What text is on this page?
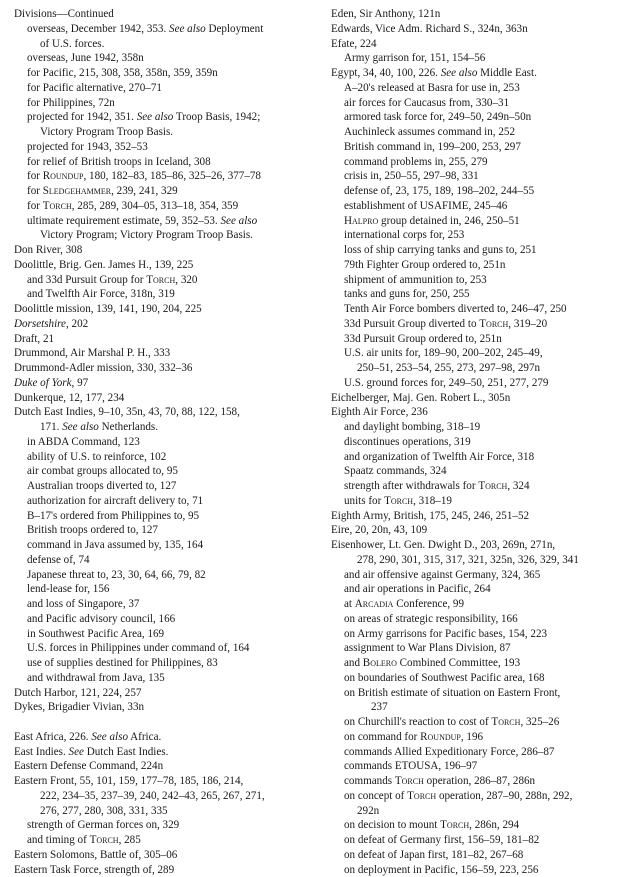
Divisions—Continued
overseas, December 1942, 353. See also Deployment
of U.S. forces.
overseas, June 1942, 358n
for Pacific, 215, 308, 358, 358n, 359, 359n
for Pacific alternative, 270–71
for Philippines, 72n
projected for 1942, 351. See also Troop Basis, 1942;
Victory Program Troop Basis.
projected for 1943, 352–53
for relief of British troops in Iceland, 308
for Roundup, 180, 182–83, 185–86, 325–26, 377–78
for Sledgehammer, 239, 241, 329
for Torch, 285, 289, 304–05, 313–18, 354, 359
ultimate requirement estimate, 59, 352–53. See also
Victory Program; Victory Program Troop Basis.
Don River, 308
Doolittle, Brig. Gen. James H., 139, 225
and 33d Pursuit Group for Torch, 320
and Twelfth Air Force, 318n, 319
Doolittle mission, 139, 141, 190, 204, 225
Dorsetshire, 202
Draft, 21
Drummond, Air Marshal P. H., 333
Drummond-Adler mission, 330, 332–36
Duke of York, 97
Dunkerque, 12, 177, 234
Dutch East Indies, 9–10, 35n, 43, 70, 88, 122, 158,
171. See also Netherlands.
in ABDA Command, 123
ability of U.S. to reinforce, 102
air combat groups allocated to, 95
Australian troops diverted to, 127
authorization for aircraft delivery to, 71
B–17's ordered from Philippines to, 95
British troops ordered to, 127
command in Java assumed by, 135, 164
defense of, 74
Japanese threat to, 23, 30, 64, 66, 79, 82
lend-lease for, 156
and loss of Singapore, 37
and Pacific advisory council, 166
in Southwest Pacific Area, 169
U.S. forces in Philippines under command of, 164
use of supplies destined for Philippines, 83
and withdrawal from Java, 135
Dutch Harbor, 121, 224, 257
Dykes, Brigadier Vivian, 33n
East Africa, 226. See also Africa.
East Indies. See Dutch East Indies.
Eastern Defense Command, 224n
Eastern Front, 55, 101, 159, 177–78, 185, 186, 214,
222, 234–35, 237–39, 240, 242–43, 265, 267, 271,
276, 277, 280, 308, 331, 335
strength of German forces on, 329
and timing of Torch, 285
Eastern Solomons, Battle of, 305–06
Eastern Task Force, strength of, 289
Eden, Sir Anthony, 121n
Edwards, Vice Adm. Richard S., 324n, 363n
Efate, 224
Army garrison for, 151, 154–56
Egypt, 34, 40, 100, 226. See also Middle East.
A–20's released at Basra for use in, 253
air forces for Caucasus from, 330–31
armored task force for, 249–50, 249n–50n
Auchinleck assumes command in, 252
British command in, 199–200, 253, 297
command problems in, 255, 279
crisis in, 250–55, 297–98, 331
defense of, 23, 175, 189, 198–202, 244–55
establishment of USAFIME, 245–46
Halpro group detained in, 246, 250–51
international corps for, 253
loss of ship carrying tanks and guns to, 251
79th Fighter Group ordered to, 251n
shipment of ammunition to, 253
tanks and guns for, 250, 255
Tenth Air Force bombers diverted to, 246–47, 250
33d Pursuit Group diverted to Torch, 319–20
33d Pursuit Group ordered to, 251n
U.S. air units for, 189–90, 200–202, 245–49,
250–51, 253–54, 255, 273, 297–98, 297n
U.S. ground forces for, 249–50, 251, 277, 279
Eichelberger, Maj. Gen. Robert L., 305n
Eighth Air Force, 236
and daylight bombing, 318–19
discontinues operations, 319
and organization of Twelfth Air Force, 318
Spaatz commands, 324
strength after withdrawals for Torch, 324
units for Torch, 318–19
Eighth Army, British, 175, 245, 246, 251–52
Eire, 20, 20n, 43, 109
Eisenhower, Lt. Gen. Dwight D., 203, 269n, 271n,
278, 290, 301, 315, 317, 321, 325n, 326, 329, 341
and air offensive against Germany, 324, 365
and air operations in Pacific, 264
at Arcadia Conference, 99
on areas of strategic responsibility, 166
on Army garrisons for Pacific bases, 154, 223
assignment to War Plans Division, 87
and Bolero Combined Committee, 193
on boundaries of Southwest Pacific area, 168
on British estimate of situation on Eastern Front,
237
on Churchill's reaction to cost of Torch, 325–26
on command for Roundup, 196
commands Allied Expeditionary Force, 286–87
commands ETOUSA, 196–97
commands Torch operation, 286–87, 286n
on concept of Torch operation, 287–90, 288n, 292,
292n
on decision to mount Torch, 286n, 294
on defeat of Germany first, 156–59, 181–82
on defeat of Japan first, 181–82, 267–68
on deployment in Pacific, 156–59, 223, 256
